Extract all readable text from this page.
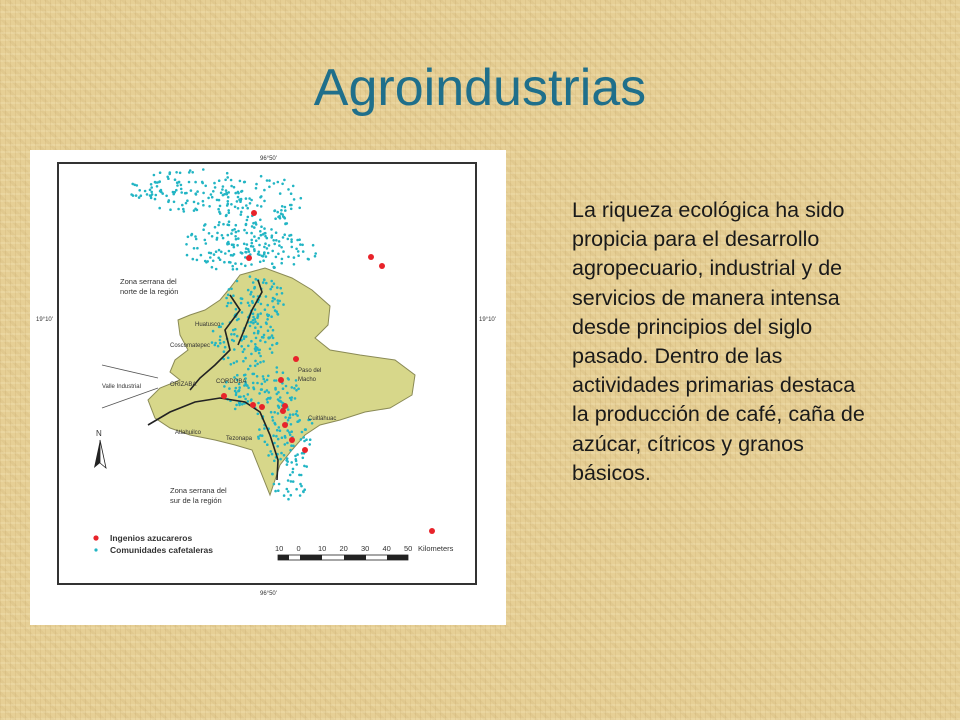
Agroindustrias
96°50'
96°50'
19°10'	19°10'
Zona serrana del
norte de la región
Zona serrana del
sur de la región
Valle Industrial
Huatusco
Coscomatepec
ORIZABA	CORDOBA
Paso del
Macho
Cuitláhuac
Atlahuilco
Tezonapa
N
Ingenios azucareros
Comunidades cafetaleras	10 0 10 20 30 40 50 Kilometers

La riqueza ecológica ha sido propicia para el desarrollo agropecuario, industrial y de servicios de manera intensa desde principios del siglo pasado. Dentro de las actividades primarias destaca la producción de café, caña de azúcar, cítricos y granos básicos.
